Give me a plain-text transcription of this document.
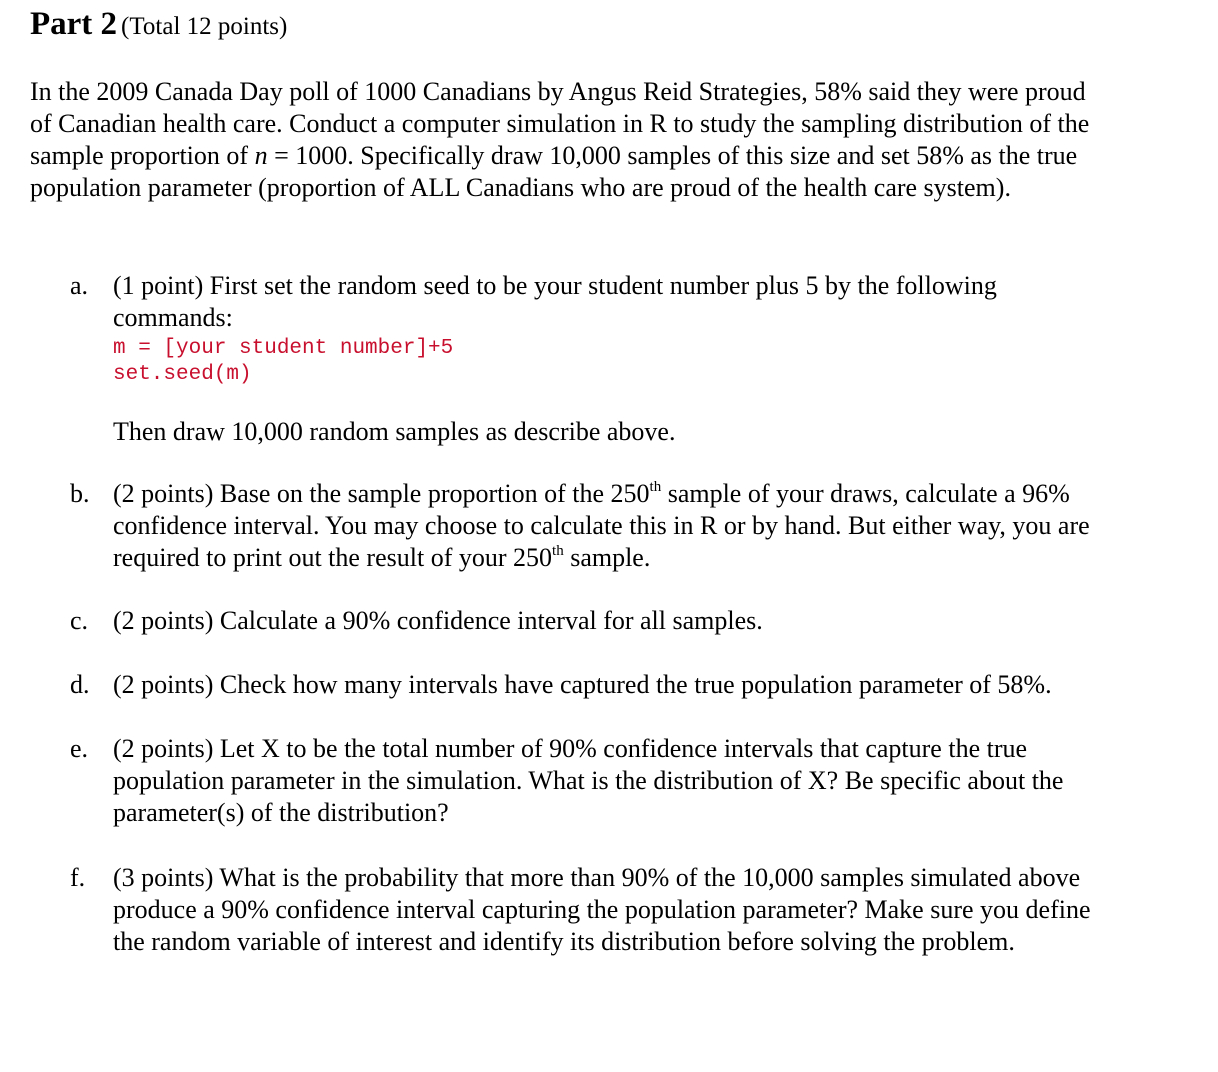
Part 2 (Total 12 points)

In the 2009 Canada Day poll of 1000 Canadians by Angus Reid Strategies, 58% said they were proud of Canadian health care. Conduct a computer simulation in R to study the sampling distribution of the sample proportion of n = 1000. Specifically draw 10,000 samples of this size and set 58% as the true population parameter (proportion of ALL Canadians who are proud of the health care system).

a. (1 point) First set the random seed to be your student number plus 5 by the following commands:
m = [your student number]+5
set.seed(m)
Then draw 10,000 random samples as describe above.
b. (2 points) Base on the sample proportion of the 250th sample of your draws, calculate a 96% confidence interval. You may choose to calculate this in R or by hand. But either way, you are required to print out the result of your 250th sample.
c. (2 points) Calculate a 90% confidence interval for all samples.
d. (2 points) Check how many intervals have captured the true population parameter of 58%.
e. (2 points) Let X to be the total number of 90% confidence intervals that capture the true population parameter in the simulation. What is the distribution of X? Be specific about the parameter(s) of the distribution?
f.	(3 points) What is the probability that more than 90% of the 10,000 samples simulated above produce a 90% confidence interval capturing the population parameter? Make sure you define the random variable of interest and identify its distribution before solving the problem.
